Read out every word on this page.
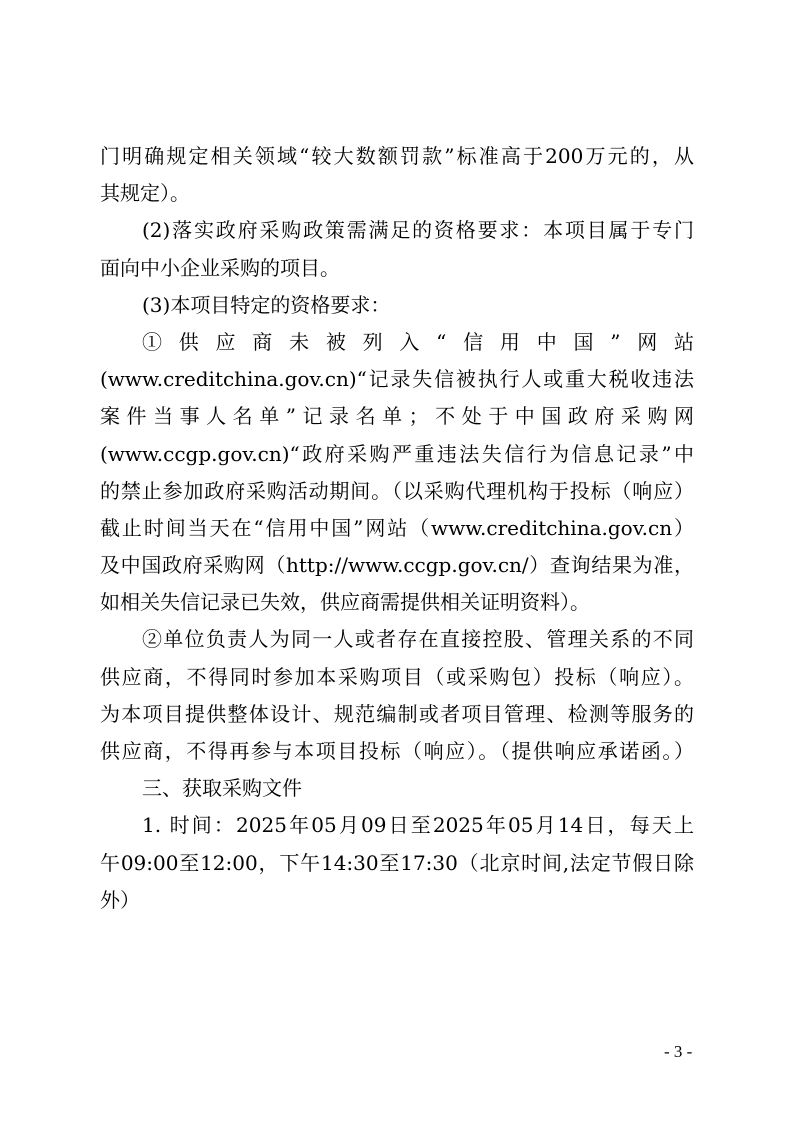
门明确规定相关领域“较大数额罚款”标准高于200万元的，从
其规定）。
(2)落实政府采购政策需满足的资格要求：本项目属于专门
面向中小企业采购的项目。
(3)本项目特定的资格要求：
①供应商未被列入“信用中国”网站
(www.creditchina.gov.cn)“记录失信被执行人或重大税收违法
案件当事人名单”记录名单；不处于中国政府采购网
(www.ccgp.gov.cn)“政府采购严重违法失信行为信息记录”中
的禁止参加政府采购活动期间。（以采购代理机构于投标（响应）
截止时间当天在“信用中国”网站（www.creditchina.gov.cn）
及中国政府采购网（http://www.ccgp.gov.cn/）查询结果为准，
如相关失信记录已失效，供应商需提供相关证明资料）。
②单位负责人为同一人或者存在直接控股、管理关系的不同
供应商，不得同时参加本采购项目（或采购包）投标（响应）。
为本项目提供整体设计、规范编制或者项目管理、检测等服务的
供应商，不得再参与本项目投标（响应）。（提供响应承诺函。）
三、获取采购文件
1. 时间：2025年05月09日至2025年05月14日，每天上
午09:00至12:00，下午14:30至17:30（北京时间,法定节假日除
外）
- 3 -
